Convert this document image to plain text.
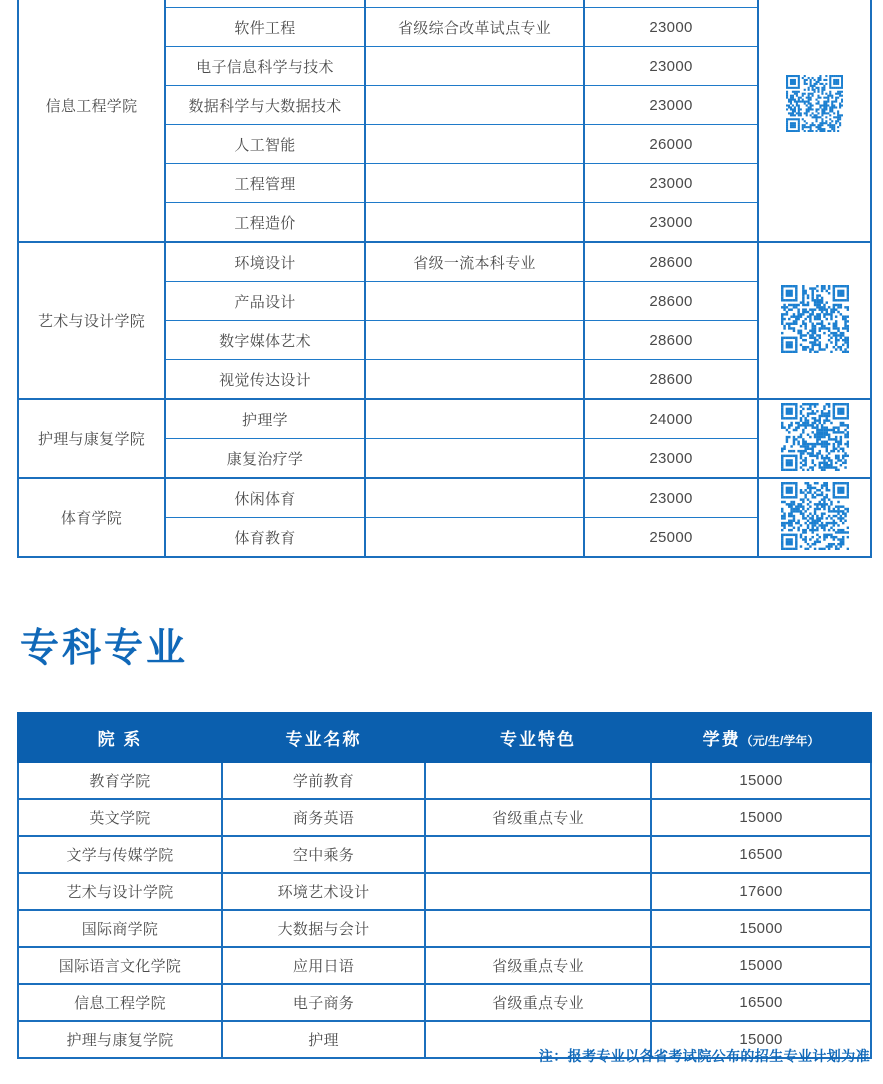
信息工程学院				

	软件工程	省级综合改革试点专业	23000	
	电子信息科学与技术		23000	
	数据科学与大数据技术		23000	
	人工智能		26000	
	工程管理		23000	
	工程造价		23000	
艺术与设计学院	环境设计	省级一流本科专业	28600	

	产品设计		28600	
	数字媒体艺术		28600	
	视觉传达设计		28600	
护理与康复学院	护理学		24000	

	康复治疗学		23000	
体育学院	休闲体育		23000	

	体育教育		25000	
专科专业
院 系	专业名称	专业特色	学费（元/生/学年）
教育学院	学前教育		15000
英文学院	商务英语	省级重点专业	15000
文学与传媒学院	空中乘务		16500
艺术与设计学院	环境艺术设计		17600
国际商学院	大数据与会计		15000
国际语言文化学院	应用日语	省级重点专业	15000
信息工程学院	电子商务	省级重点专业	16500
护理与康复学院	护理		15000
注：报考专业以各省考试院公布的招生专业计划为准
